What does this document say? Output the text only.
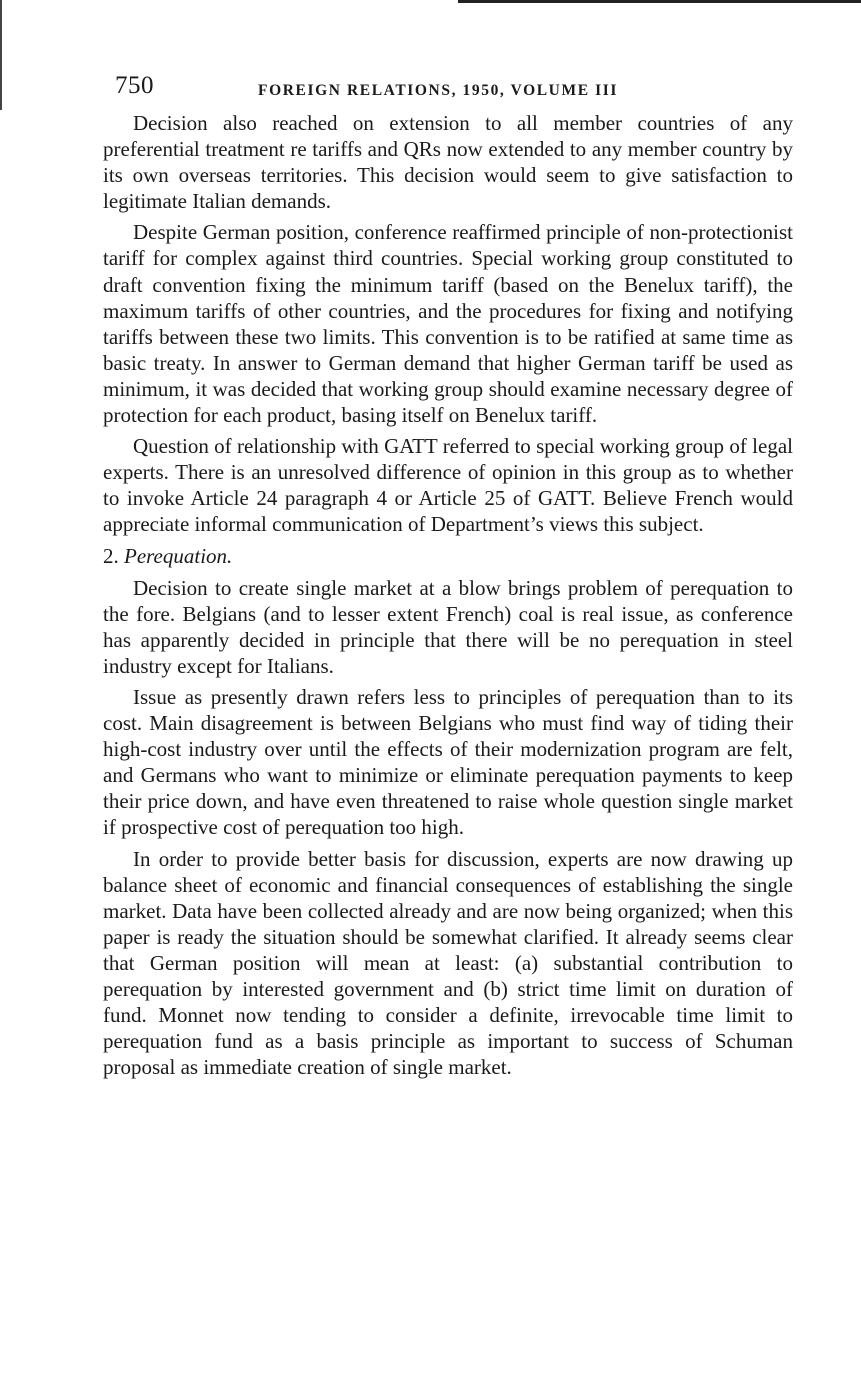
750	FOREIGN RELATIONS, 1950, VOLUME III

Decision also reached on extension to all member countries of any preferential treatment re tariffs and QRs now extended to any member country by its own overseas territories. This decision would seem to give satisfaction to legitimate Italian demands.

Despite German position, conference reaffirmed principle of non-protectionist tariff for complex against third countries. Special working group constituted to draft convention fixing the minimum tariff (based on the Benelux tariff), the maximum tariffs of other countries, and the procedures for fixing and notifying tariffs between these two limits. This convention is to be ratified at same time as basic treaty. In answer to German demand that higher German tariff be used as minimum, it was decided that working group should examine necessary degree of protection for each product, basing itself on Benelux tariff.

Question of relationship with GATT referred to special working group of legal experts. There is an unresolved difference of opinion in this group as to whether to invoke Article 24 paragraph 4 or Article 25 of GATT. Believe French would appreciate informal communication of Department’s views this subject.

2. Perequation.

Decision to create single market at a blow brings problem of perequation to the fore. Belgians (and to lesser extent French) coal is real issue, as conference has apparently decided in principle that there will be no perequation in steel industry except for Italians.

Issue as presently drawn refers less to principles of perequation than to its cost. Main disagreement is between Belgians who must find way of tiding their high-cost industry over until the effects of their modernization program are felt, and Germans who want to minimize or eliminate perequation payments to keep their price down, and have even threatened to raise whole question single market if prospective cost of perequation too high.

In order to provide better basis for discussion, experts are now drawing up balance sheet of economic and financial consequences of establishing the single market. Data have been collected already and are now being organized; when this paper is ready the situation should be somewhat clarified. It already seems clear that German position will mean at least: (a) substantial contribution to perequation by interested government and (b) strict time limit on duration of fund. Monnet now tending to consider a definite, irrevocable time limit to perequation fund as a basis principle as important to success of Schuman proposal as immediate creation of single market.
